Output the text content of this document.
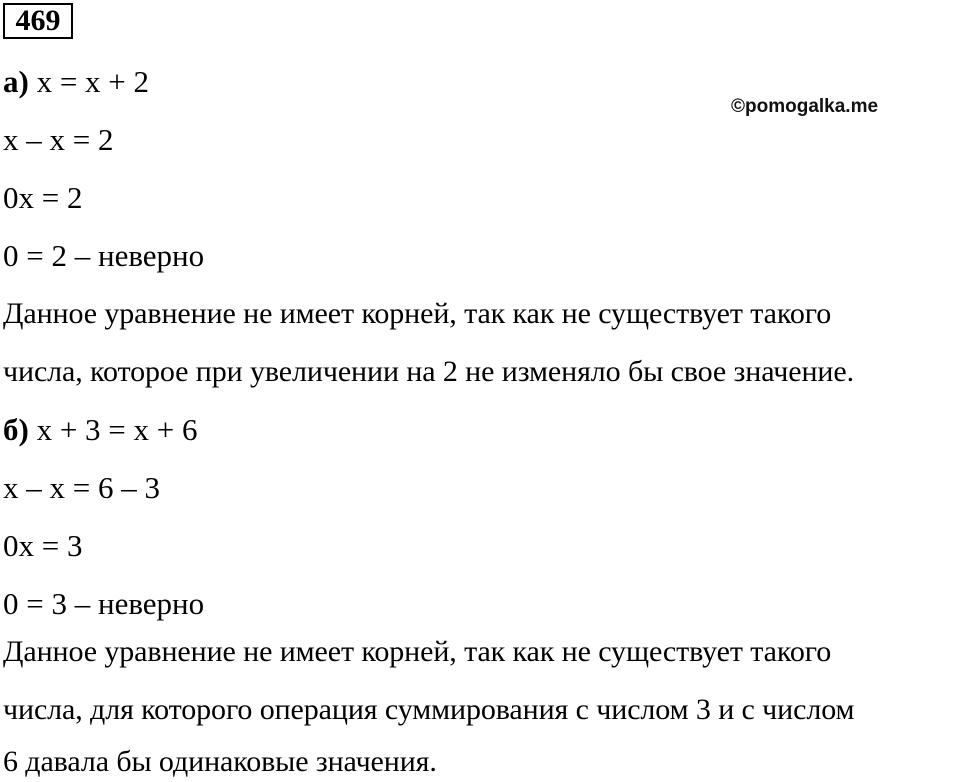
469
©pomogalka.me
а) x = x + 2
x – x = 2
0x = 2
0 = 2 – неверно
Данное уравнение не имеет корней, так как не существует такого
числа, которое при увеличении на 2 не изменяло бы свое значение.
б) x + 3 = x + 6
x – x = 6 – 3
0x = 3
0 = 3 – неверно
Данное уравнение не имеет корней, так как не существует такого
числа, для которого операция суммирования с числом 3 и с числом
6 давала бы одинаковые значения.
